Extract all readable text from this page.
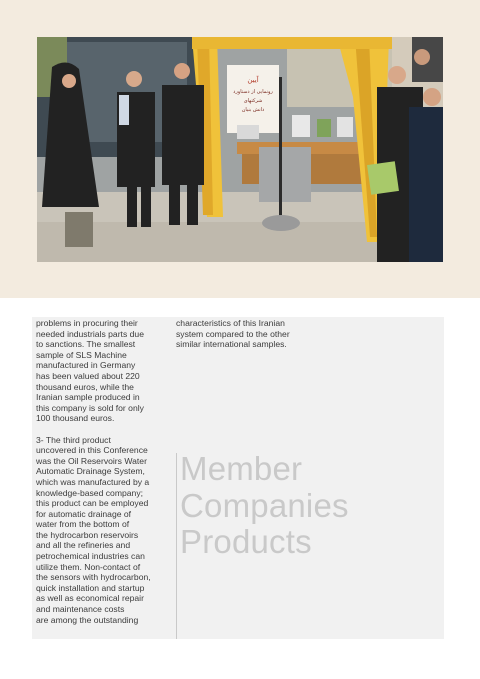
آیین
رونمایی از دستاورد
شرکتهای
دانش بنیان
problems in procuring their
needed industrials parts due
to sanctions. The smallest
sample of SLS Machine
manufactured in Germany
has been valued about 220
thousand euros, while the
Iranian sample produced in
this company is sold for only
100 thousand euros.

3- The third product
uncovered in this Conference
was the Oil Reservoirs Water
Automatic Drainage System,
which was manufactured by a
knowledge-based company;
this product can be employed
for automatic drainage of
water from the bottom of
the hydrocarbon reservoirs
and all the refineries and
petrochemical industries can
utilize them. Non-contact of
the sensors with hydrocarbon,
quick installation and startup
as well as economical repair
and maintenance costs
are among the outstanding
characteristics of this Iranian
system compared to the other
similar international samples.
Member
Companies
Products
